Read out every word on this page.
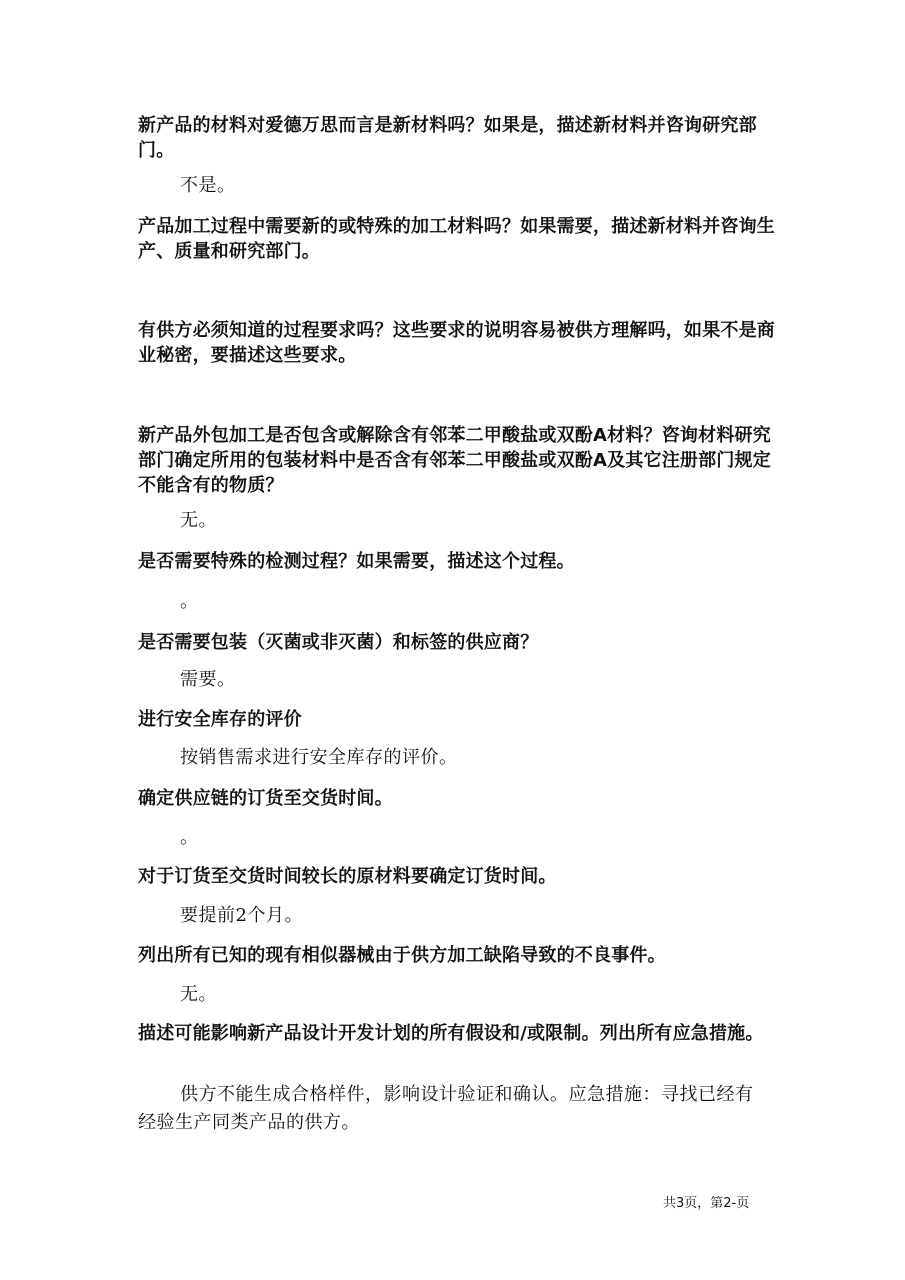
新产品的材料对爱德万思而言是新材料吗？如果是，描述新材料并咨询研究部门。

不是。

产品加工过程中需要新的或特殊的加工材料吗？如果需要，描述新材料并咨询生产、质量和研究部门。

有供方必须知道的过程要求吗？这些要求的说明容易被供方理解吗，如果不是商业秘密，要描述这些要求。

新产品外包加工是否包含或解除含有邻苯二甲酸盐或双酚A材料？咨询材料研究部门确定所用的包装材料中是否含有邻苯二甲酸盐或双酚A及其它注册部门规定不能含有的物质？

无。

是否需要特殊的检测过程？如果需要，描述这个过程。

。

是否需要包装（灭菌或非灭菌）和标签的供应商？

需要。

进行安全库存的评价

按销售需求进行安全库存的评价。

确定供应链的订货至交货时间。

。

对于订货至交货时间较长的原材料要确定订货时间。

要提前2个月。

列出所有已知的现有相似器械由于供方加工缺陷导致的不良事件。

无。

描述可能影响新产品设计开发计划的所有假设和/或限制。列出所有应急措施。

供方不能生成合格样件，影响设计验证和确认。应急措施：寻找已经有经验生产同类产品的供方。

共3页，第2-页
